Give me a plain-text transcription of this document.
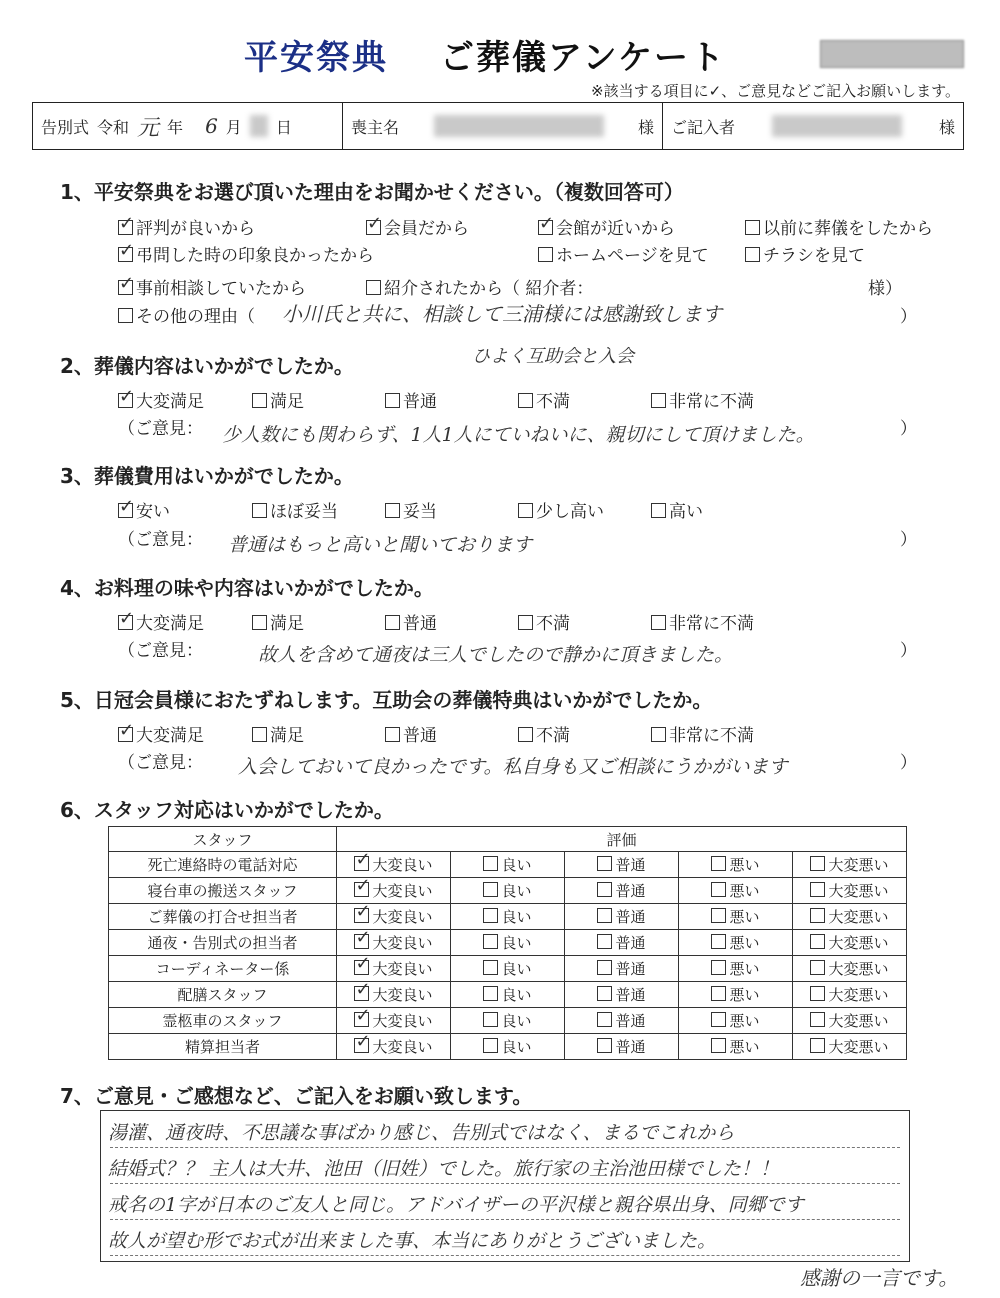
平安祭典 ご葬儀アンケート
※該当する項目に✓、ご意見などご記入お願いします。
告別式 令和 元 年 6 月 日	喪主名	様 ご記入者	様
1、平安祭典をお選び頂いた理由をお聞かせください。（複数回答可）
✓評判が良いから ✓	会員だから ✓	会館が近いから	以前に葬儀をしたから
✓弔問した時の印象良かったから	ホームページを見て	チラシを見て
✓事前相談していたから	紹介されたから（ 紹介者：	様）
その他の理由（ 小川氏と共に、相談して三浦様には感謝致します	）
ひよく互助会と入会
2、葬儀内容はいかがでしたか。
✓大変満足	満足	普通	不満	非常に不満
（ご意見： 少人数にも関わらず、1人1人にていねいに、親切にして頂けました。	）
3、葬儀費用はいかがでしたか。
✓安い	ほぼ妥当	妥当	少し高い	高い
（ご意見： 普通はもっと高いと聞いております	）
4、お料理の味や内容はいかがでしたか。
✓大変満足	満足	普通	不満	非常に不満
（ご意見：	故人を含めて通夜は三人でしたので静かに頂きました。	）
5、日冠会員様におたずねします。互助会の葬儀特典はいかがでしたか。
✓大変満足	満足	普通	不満	非常に不満
（ご意見： 入会しておいて良かったです。私自身も又ご相談にうかがいます	）
6、スタッフ対応はいかがでしたか。
スタッフ	評価				
死亡連絡時の電話対応	✓大変良い	良い	普通	悪い	大変悪い
寝台車の搬送スタッフ	✓大変良い	良い	普通	悪い	大変悪い
ご葬儀の打合せ担当者	✓大変良い	良い	普通	悪い	大変悪い
通夜・告別式の担当者	✓大変良い	良い	普通	悪い	大変悪い
コーディネーター係	✓大変良い	良い	普通	悪い	大変悪い
配膳スタッフ	✓大変良い	良い	普通	悪い	大変悪い
霊柩車のスタッフ	✓大変良い	良い	普通	悪い	大変悪い
精算担当者	✓大変良い	良い	普通	悪い	大変悪い
7、ご意見・ご感想など、ご記入をお願い致します。
湯灌、通夜時、不思議な事ばかり感じ、告別式ではなく、まるでこれから
結婚式？？ 主人は大井、池田（旧姓）でした。旅行家の主治池田様でした！！
戒名の1字が日本のご友人と同じ。アドバイザーの平沢様と親谷県出身、同郷です
故人が望む形でお式が出来ました事、本当にありがとうございました。
感謝の一言です。
